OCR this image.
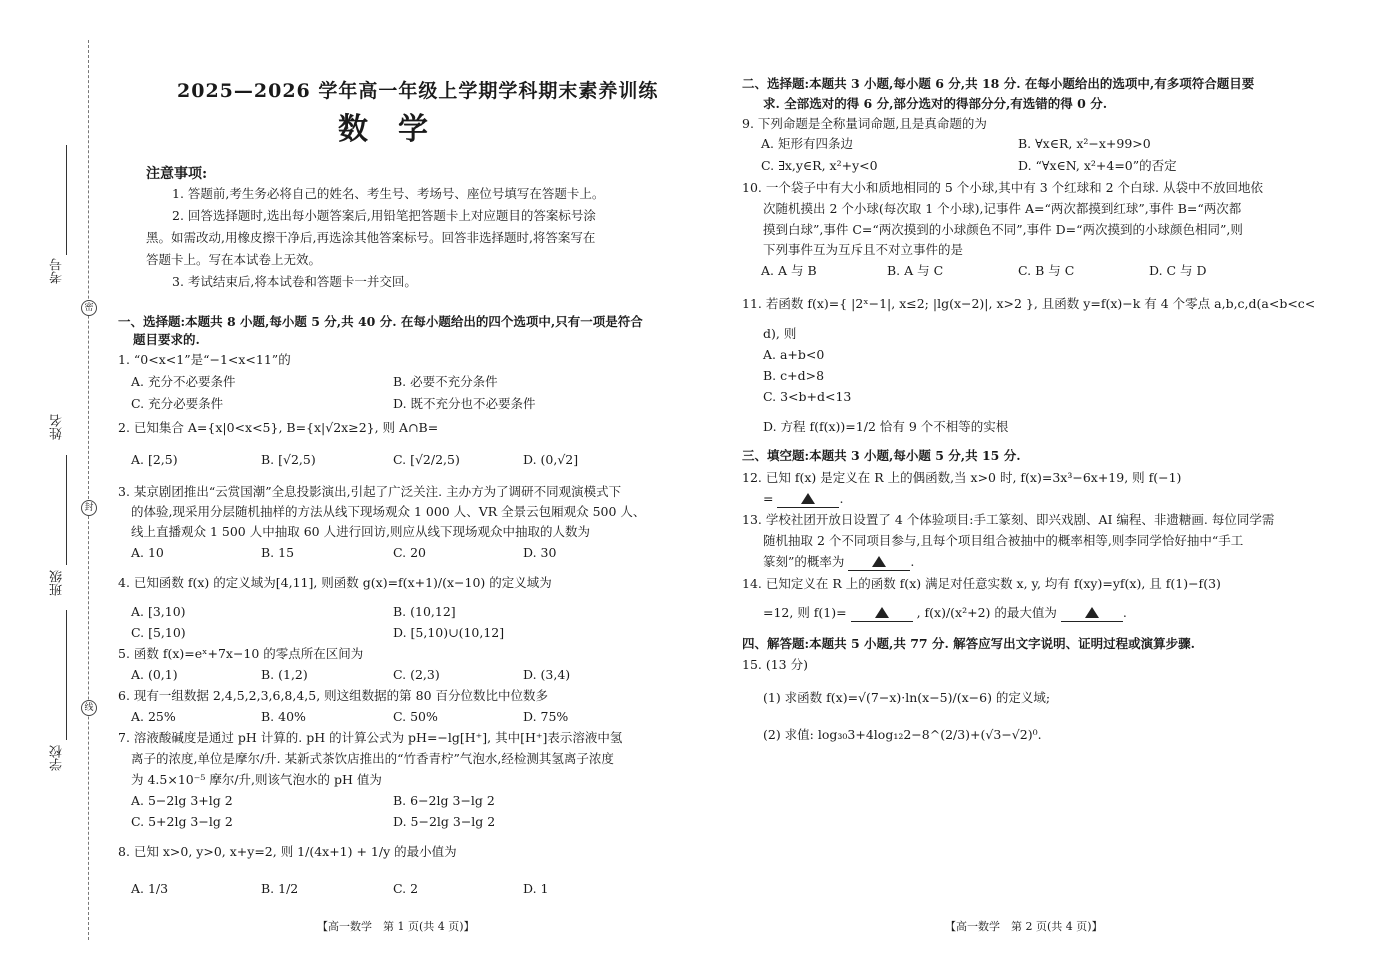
考号
姓名
班级
学校
密
封
线
2025—2026 学年高一年级上学期学科期末素养训练
数学
注意事项:
1. 答题前,考生务必将自己的姓名、考生号、考场号、座位号填写在答题卡上。
2. 回答选择题时,选出每小题答案后,用铅笔把答题卡上对应题目的答案标号涂
黑。如需改动,用橡皮擦干净后,再选涂其他答案标号。回答非选择题时,将答案写在
答题卡上。写在本试卷上无效。
3. 考试结束后,将本试卷和答题卡一并交回。
一、选择题:本题共 8 小题,每小题 5 分,共 40 分. 在每小题给出的四个选项中,只有一项是符合
题目要求的.
1. “0<x<1”是“−1<x<11”的
A. 充分不必要条件	B. 必要不充分条件
C. 充分必要条件	D. 既不充分也不必要条件
2. 已知集合 A={x|0<x<5}, B={x|√2x≥2}, 则 A∩B=
A. [2,5)	B. [√2,5)	C. [√2/2,5)	D. (0,√2]
3. 某京剧团推出“云赏国潮”全息投影演出,引起了广泛关注. 主办方为了调研不同观演模式下
的体验,现采用分层随机抽样的方法从线下现场观众 1 000 人、VR 全景云包厢观众 500 人、
线上直播观众 1 500 人中抽取 60 人进行回访,则应从线下现场观众中抽取的人数为
A. 10	B. 15	C. 20	D. 30
4. 已知函数 f(x) 的定义域为[4,11], 则函数 g(x)=f(x+1)/(x−10) 的定义域为
A. [3,10)	B. (10,12]
C. [5,10)	D. [5,10)∪(10,12]
5. 函数 f(x)=eˣ+7x−10 的零点所在区间为
A. (0,1)	B. (1,2)	C. (2,3)	D. (3,4)
6. 现有一组数据 2,4,5,2,3,6,8,4,5, 则这组数据的第 80 百分位数比中位数多
A. 25%	B. 40%	C. 50%	D. 75%
7. 溶液酸碱度是通过 pH 计算的. pH 的计算公式为 pH=−lg[H⁺], 其中[H⁺]表示溶液中氢
离子的浓度,单位是摩尔/升. 某新式茶饮店推出的“竹香青柠”气泡水,经检测其氢离子浓度
为 4.5×10⁻⁵ 摩尔/升,则该气泡水的 pH 值为
A. 5−2lg 3+lg 2	B. 6−2lg 3−lg 2
C. 5+2lg 3−lg 2	D. 5−2lg 3−lg 2
8. 已知 x>0, y>0, x+y=2, 则 1/(4x+1) + 1/y 的最小值为
A. 1/3	B. 1/2	C. 2	D. 1
【高一数学　第 1 页(共 4 页)】
二、选择题:本题共 3 小题,每小题 6 分,共 18 分. 在每小题给出的选项中,有多项符合题目要
求. 全部选对的得 6 分,部分选对的得部分分,有选错的得 0 分.
9. 下列命题是全称量词命题,且是真命题的为
A. 矩形有四条边	B. ∀x∈R, x²−x+99>0
C. ∃x,y∈R, x²+y<0	D. “∀x∈N, x²+4=0”的否定
10. 一个袋子中有大小和质地相同的 5 个小球,其中有 3 个红球和 2 个白球. 从袋中不放回地依
次随机摸出 2 个小球(每次取 1 个小球),记事件 A=“两次都摸到红球”,事件 B=“两次都
摸到白球”,事件 C=“两次摸到的小球颜色不同”,事件 D=“两次摸到的小球颜色相同”,则
下列事件互为互斥且不对立事件的是
A. A 与 B	B. A 与 C	C. B 与 C	D. C 与 D
11. 若函数 f(x)={ |2ˣ−1|, x≤2; |lg(x−2)|, x>2 }, 且函数 y=f(x)−k 有 4 个零点 a,b,c,d(a<b<c<
d), 则
A. a+b<0
B. c+d>8
C. 3<b+d<13
D. 方程 f(f(x))=1/2 恰有 9 个不相等的实根
三、填空题:本题共 3 小题,每小题 5 分,共 15 分.
12. 已知 f(x) 是定义在 R 上的偶函数,当 x>0 时, f(x)=3x³−6x+19, 则 f(−1)
=	.
13. 学校社团开放日设置了 4 个体验项目:手工篆刻、即兴戏剧、AI 编程、非遗糖画. 每位同学需
随机抽取 2 个不同项目参与,且每个项目组合被抽中的概率相等,则李同学恰好抽中“手工
篆刻”的概率为	.
14. 已知定义在 R 上的函数 f(x) 满足对任意实数 x, y, 均有 f(xy)=yf(x), 且 f(1)−f(3)
=12, 则 f(1)=	, f(x)/(x²+2) 的最大值为	.
四、解答题:本题共 5 小题,共 77 分. 解答应写出文字说明、证明过程或演算步骤.
15. (13 分)
(1) 求函数 f(x)=√(7−x)·ln(x−5)/(x−6) 的定义域;
(2) 求值: log₃₀3+4log₁₂2−8^(2/3)+(√3−√2)⁰.
【高一数学　第 2 页(共 4 页)】
